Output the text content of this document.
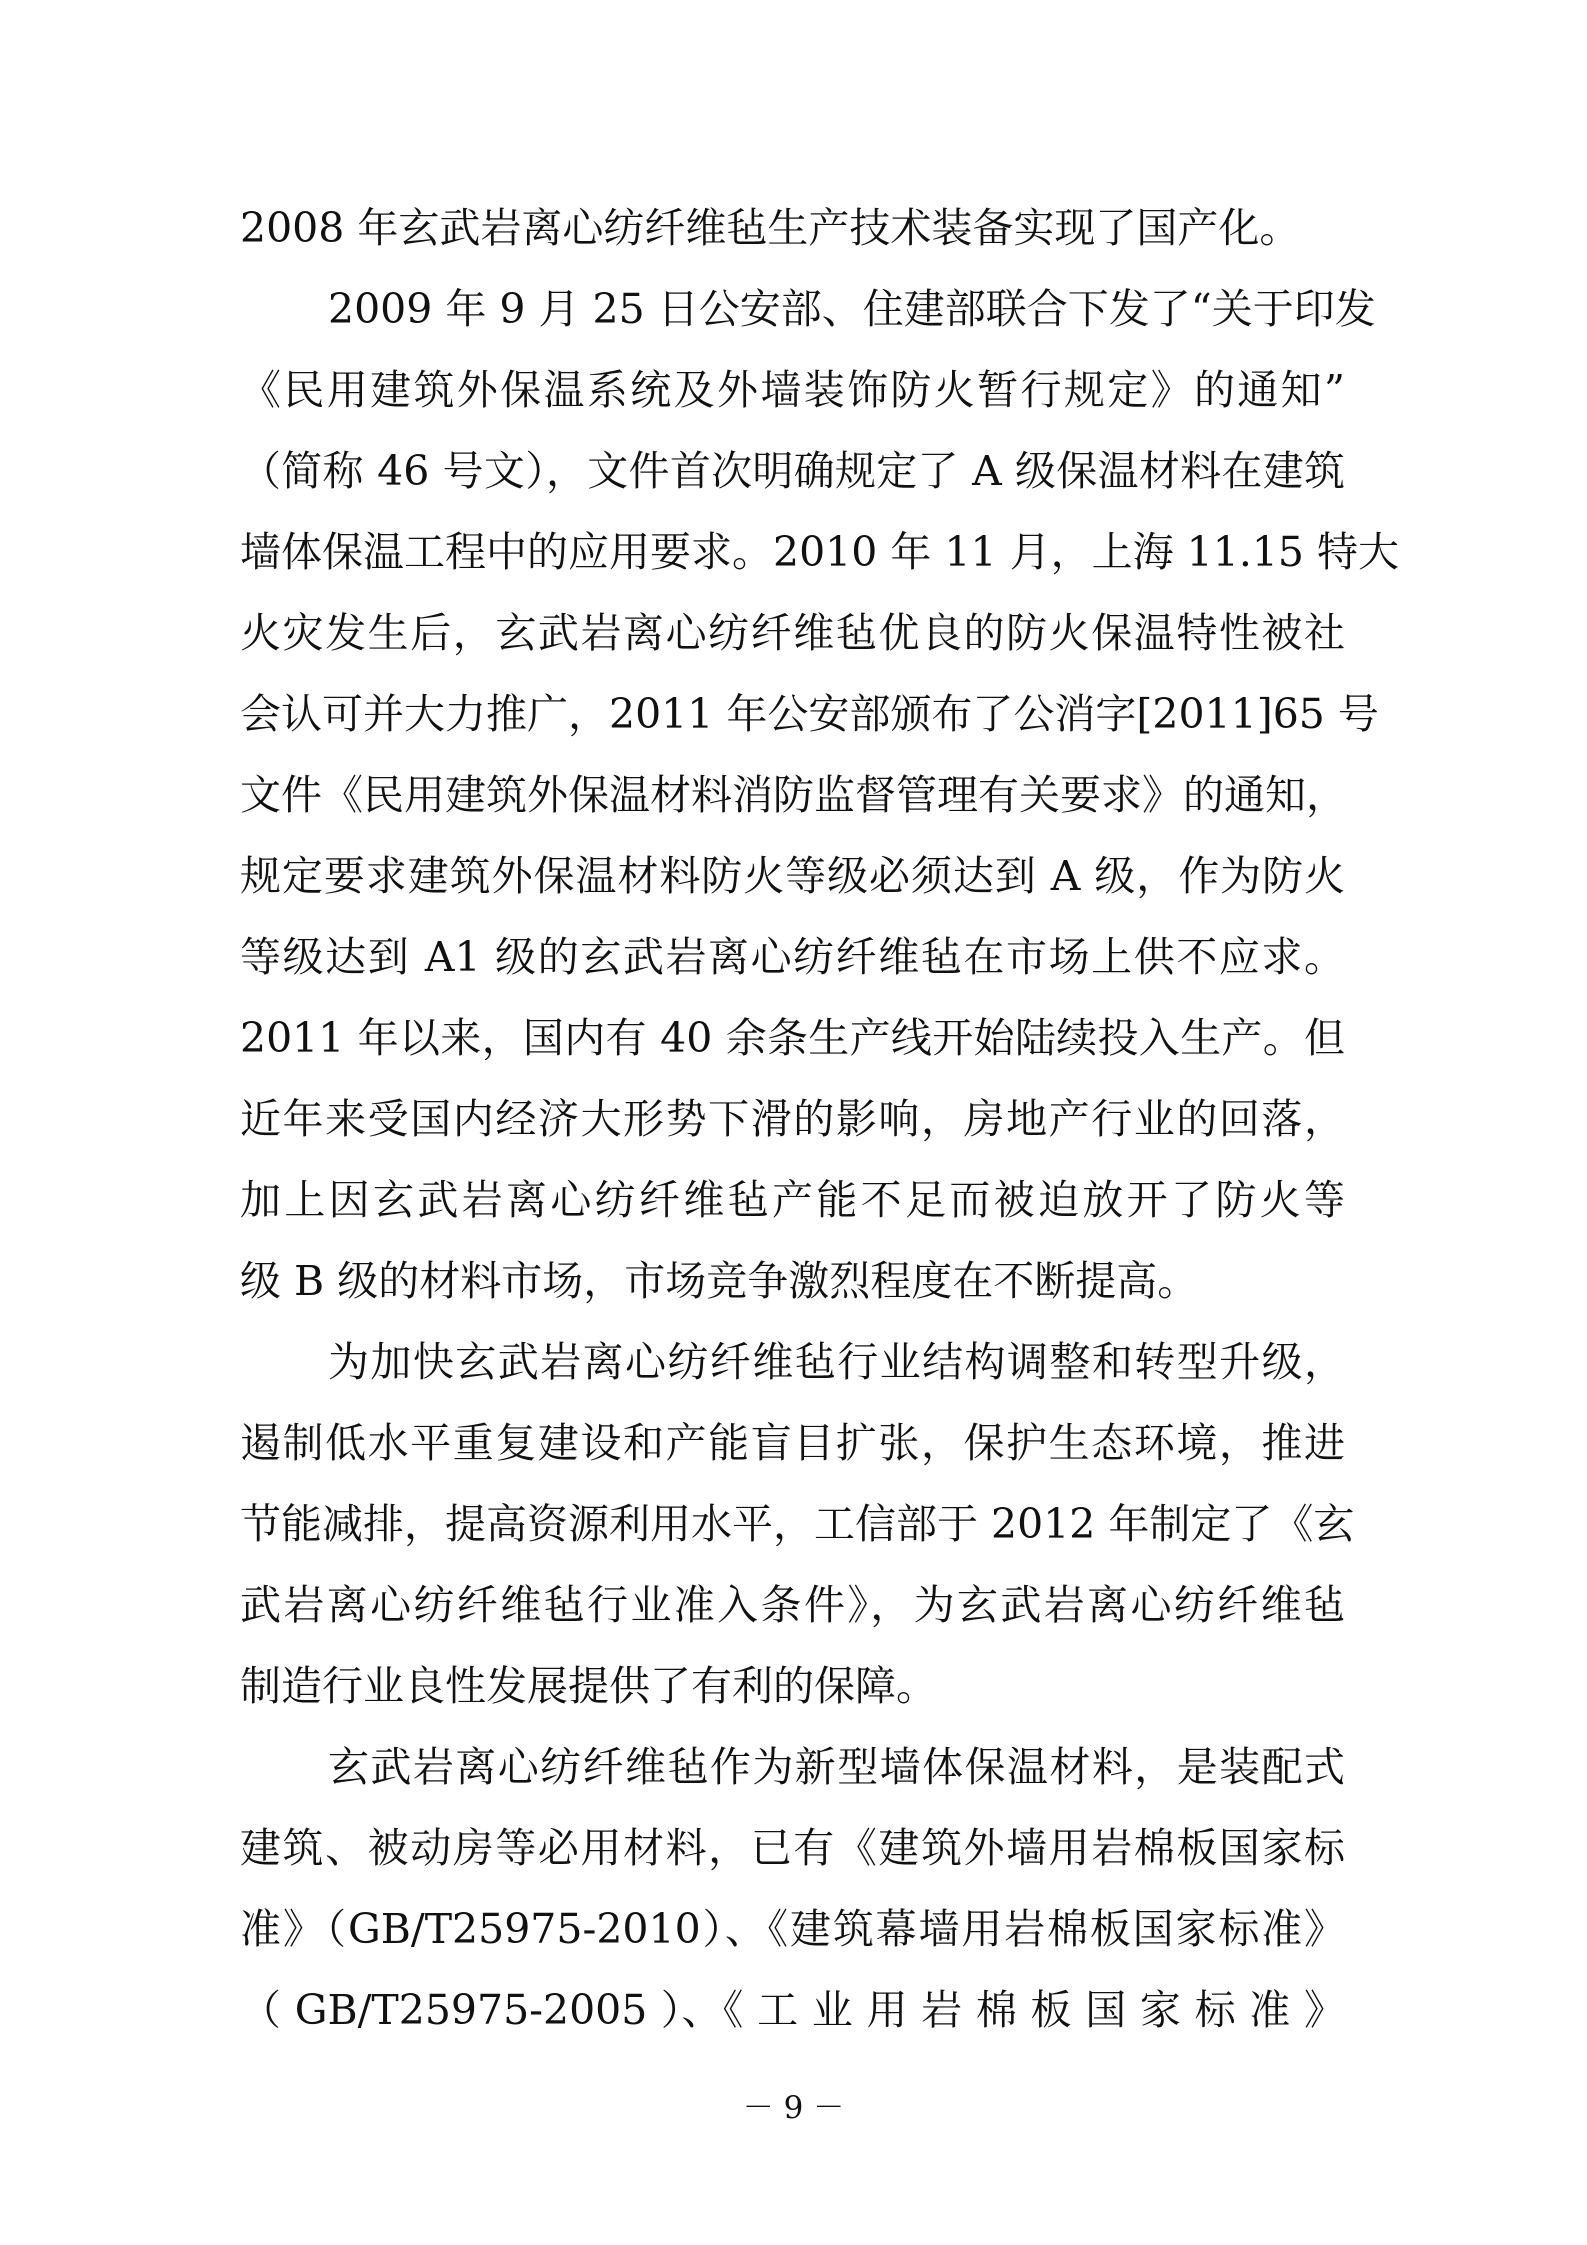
2008 年玄武岩离心纺纤维毡生产技术装备实现了国产化。
2009 年 9 月 25 日公安部、住建部联合下发了“关于印发
《民用建筑外保温系统及外墙装饰防火暂行规定》的通知”
（简称 46 号文），文件首次明确规定了 A 级保温材料在建筑
墙体保温工程中的应用要求。2010 年 11 月，上海 11.15 特大
火灾发生后，玄武岩离心纺纤维毡优良的防火保温特性被社
会认可并大力推广，2011 年公安部颁布了公消字[2011]65 号
文件《民用建筑外保温材料消防监督管理有关要求》的通知，
规定要求建筑外保温材料防火等级必须达到 A 级，作为防火
等级达到 A1 级的玄武岩离心纺纤维毡在市场上供不应求。
2011 年以来，国内有 40 余条生产线开始陆续投入生产。但
近年来受国内经济大形势下滑的影响，房地产行业的回落，
加上因玄武岩离心纺纤维毡产能不足而被迫放开了防火等
级 B 级的材料市场，市场竞争激烈程度在不断提高。
为加快玄武岩离心纺纤维毡行业结构调整和转型升级，
遏制低水平重复建设和产能盲目扩张，保护生态环境，推进
节能减排，提高资源利用水平，工信部于 2012 年制定了《玄
武岩离心纺纤维毡行业准入条件》，为玄武岩离心纺纤维毡
制造行业良性发展提供了有利的保障。
玄武岩离心纺纤维毡作为新型墙体保温材料，是装配式
建筑、被动房等必用材料，已有《建筑外墙用岩棉板国家标
准》（GB/T25975-2010）、《建筑幕墙用岩棉板国家标准》
（ GB/T25975-2005 ）、《 工 业 用 岩 棉 板 国 家 标 准 》
－ 9 －
